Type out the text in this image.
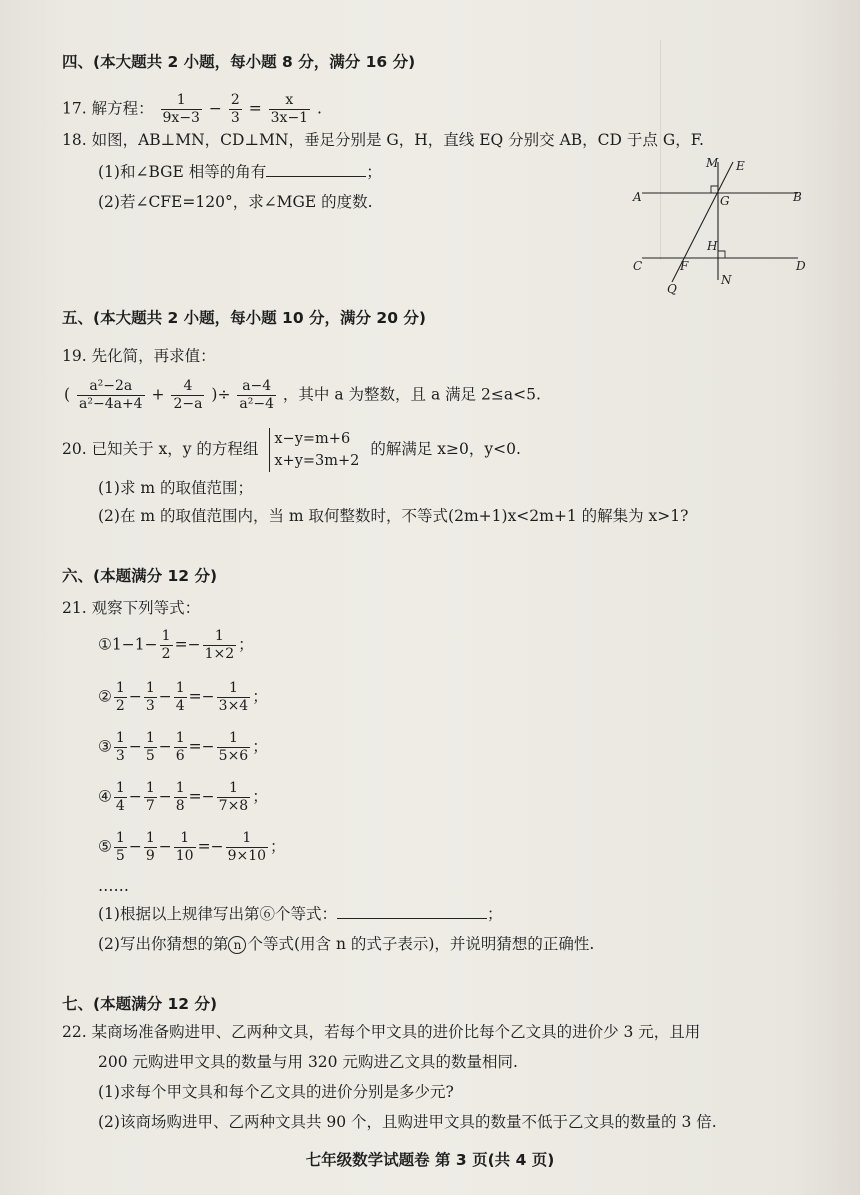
四、(本大题共 2 小题，每小题 8 分，满分 16 分)
17. 解方程： $\frac{1}{9x-3} - \frac{2}{3} = \frac{x}{3x-1}$ .
18. 如图，AB⊥MN，CD⊥MN，垂足分别是 G，H，直线 EQ 分别交 AB，CD 于点 G，F.
(1)和∠BGE 相等的角有	；
(2)若∠CFE=120°，求∠MGE 的度数.
M E
A	G	B
H
C	F
N
D
Q
五、(本大题共 2 小题，每小题 10 分，满分 20 分)
19. 先化简，再求值：
( $\frac{\text{a²−2a}}{\text{a²−4a+4}} + \frac{4}{2-a}$ )÷ $\frac{a-4}{\text{a²−4}}$ ，其中 a 为整数，且 a 满足 2≤a<5.
20. 已知关于 x，y 的方程组
x−y=m+6
x+y=3m+2
的解满足 x≥0，y<0.
(1)求 m 的取值范围；
(2)在 m 的取值范围内，当 m 取何整数时，不等式(2m+1)x<2m+1 的解集为 x>1?
六、(本题满分 12 分)
21. 观察下列等式：
①1−1− $\frac{1}{2} =- \frac{1}{1\times 2}$ ；
② $\frac{1}{2} - \frac{1}{3} - \frac{1}{4} =- \frac{1}{3\times 4}$ ；
③ $\frac{1}{3} - \frac{1}{5} - \frac{1}{6} =- \frac{1}{5\times 6}$ ；
④ $\frac{1}{4} - \frac{1}{7} - \frac{1}{8} =- \frac{1}{7\times 8}$ ；
⑤ $\frac{1}{5} - \frac{1}{9} - \frac{1}{10} =- \frac{1}{9\times 10}$ ；
……
(1)根据以上规律写出第⑥个等式：	；
(2)写出你猜想的第 n 个等式(用含 n 的式子表示)，并说明猜想的正确性.
七、(本题满分 12 分)
22. 某商场准备购进甲、乙两种文具，若每个甲文具的进价比每个乙文具的进价少 3 元，且用
200 元购进甲文具的数量与用 320 元购进乙文具的数量相同.
(1)求每个甲文具和每个乙文具的进价分别是多少元?
(2)该商场购进甲、乙两种文具共 90 个，且购进甲文具的数量不低于乙文具的数量的 3 倍.
七年级数学试题卷 第 3 页(共 4 页)
